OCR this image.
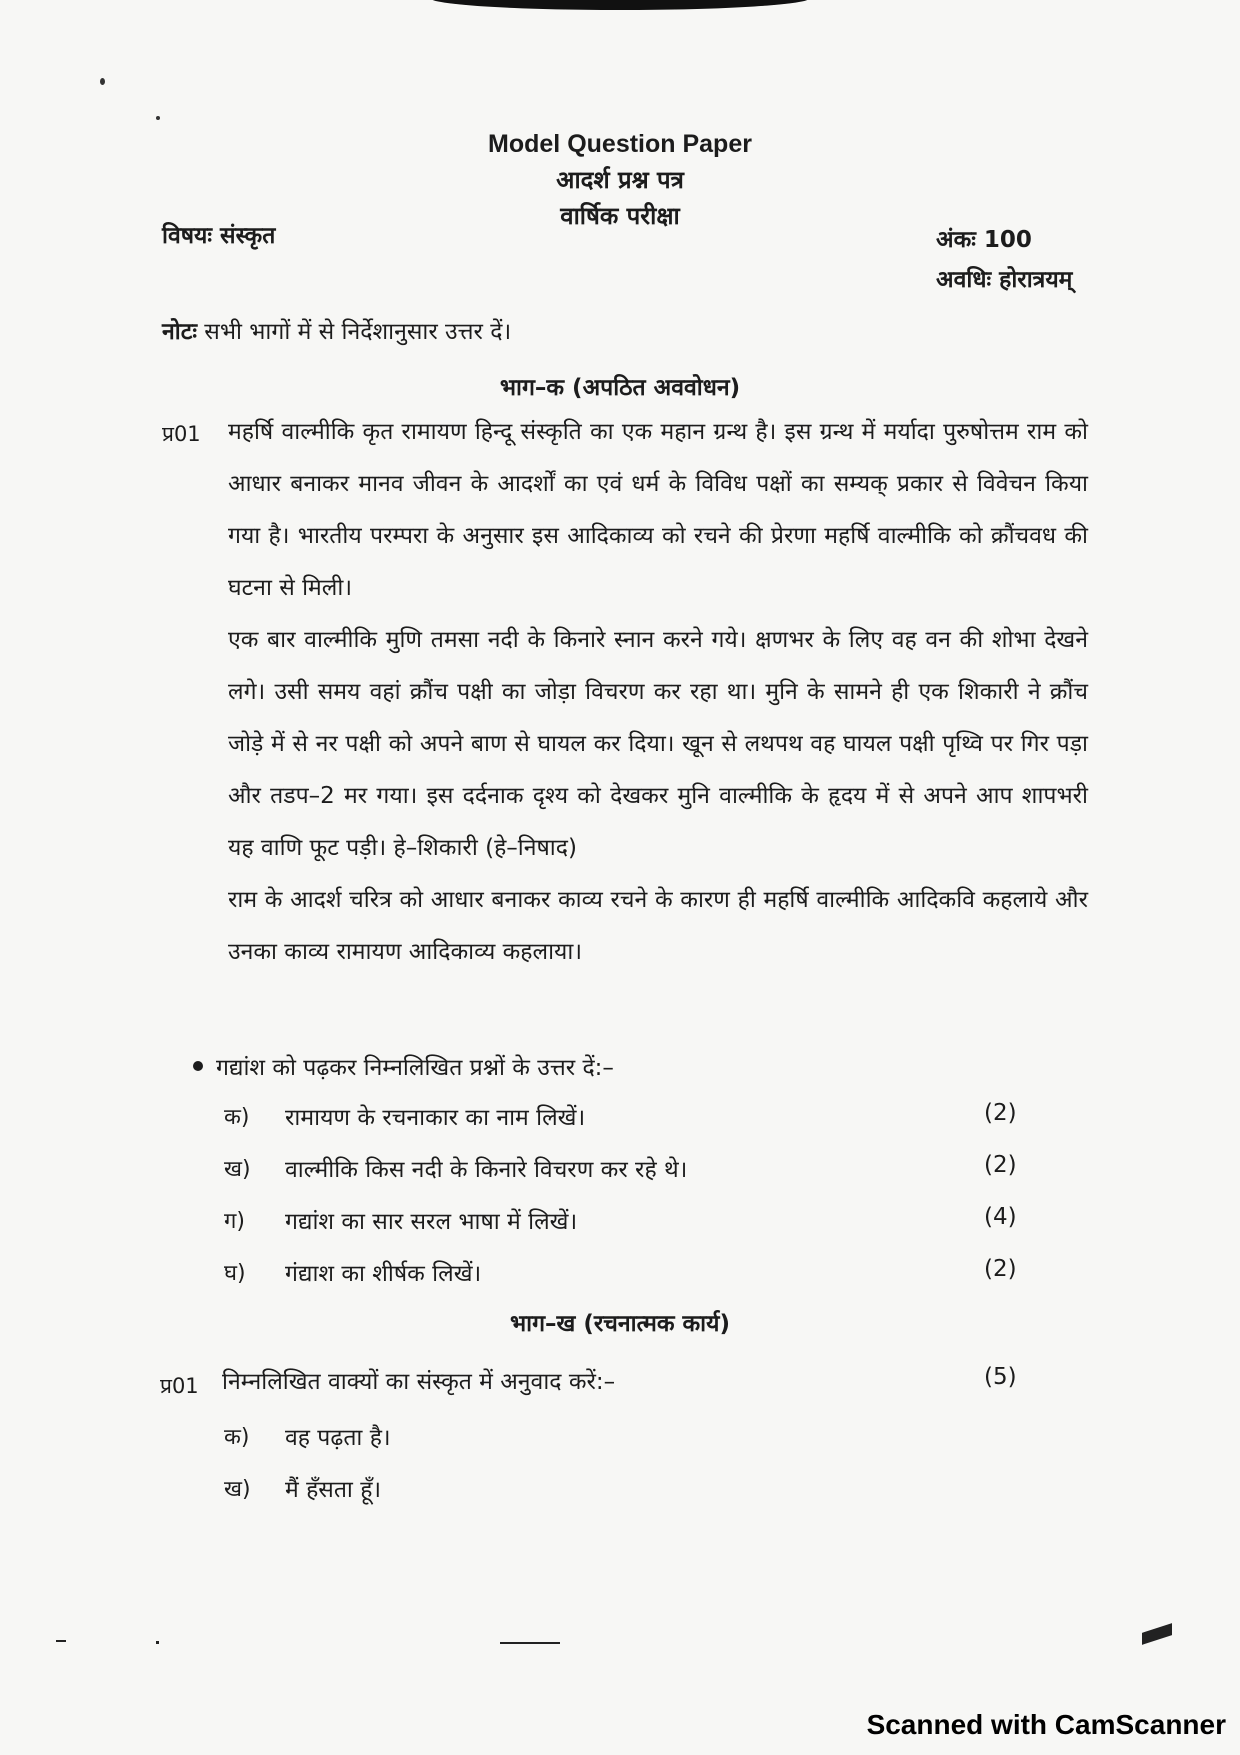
Model Question Paper
आदर्श प्रश्न पत्र
वार्षिक परीक्षा
विषयः संस्कृत	अंकः 100
अवधिः होरात्रयम्
नोटः सभी भागों में से निर्देशानुसार उत्तर दें।
भाग–क (अपठित अववोधन)
प्र01 महर्षि वाल्मीकि कृत रामायण हिन्दू संस्कृति का एक महान ग्रन्थ है। इस ग्रन्थ में मर्यादा पुरुषोत्तम राम को आधार बनाकर मानव जीवन के आदर्शों का एवं धर्म के विविध पक्षों का सम्यक् प्रकार से विवेचन किया गया है। भारतीय परम्परा के अनुसार इस आदिकाव्य को रचने की प्रेरणा महर्षि वाल्मीकि को क्रौंचवध की घटना से मिली।

एक बार वाल्मीकि मुणि तमसा नदी के किनारे स्नान करने गये। क्षणभर के लिए वह वन की शोभा देखने लगे। उसी समय वहां क्रौंच पक्षी का जोड़ा विचरण कर रहा था। मुनि के सामने ही एक शिकारी ने क्रौंच जोड़े में से नर पक्षी को अपने बाण से घायल कर दिया। खून से लथपथ वह घायल पक्षी पृथ्वि पर गिर पड़ा और तडप–2 मर गया। इस दर्दनाक दृश्य को देखकर मुनि वाल्मीकि के हृदय में से अपने आप शापभरी यह वाणि फूट पड़ी। हे–शिकारी (हे–निषाद)

राम के आदर्श चरित्र को आधार बनाकर काव्य रचने के कारण ही महर्षि वाल्मीकि आदिकवि कहलाये और उनका काव्य रामायण आदिकाव्य कहलाया।

गद्यांश को पढ़कर निम्नलिखित प्रश्नों के उत्तर दें:–
क) रामायण के रचनाकार का नाम लिखें।	(2)
ख) वाल्मीकि किस नदी के किनारे विचरण कर रहे थे।	(2)
ग) गद्यांश का सार सरल भाषा में लिखें।	(4)
घ) गंद्याश का शीर्षक लिखें।	(2)
भाग–ख (रचनात्मक कार्य)
प्र01 निम्नलिखित वाक्यों का संस्कृत में अनुवाद करें:–	(5)
क) वह पढ़ता है।
ख) मैं हँसता हूँ।
Scanned with CamScanner
